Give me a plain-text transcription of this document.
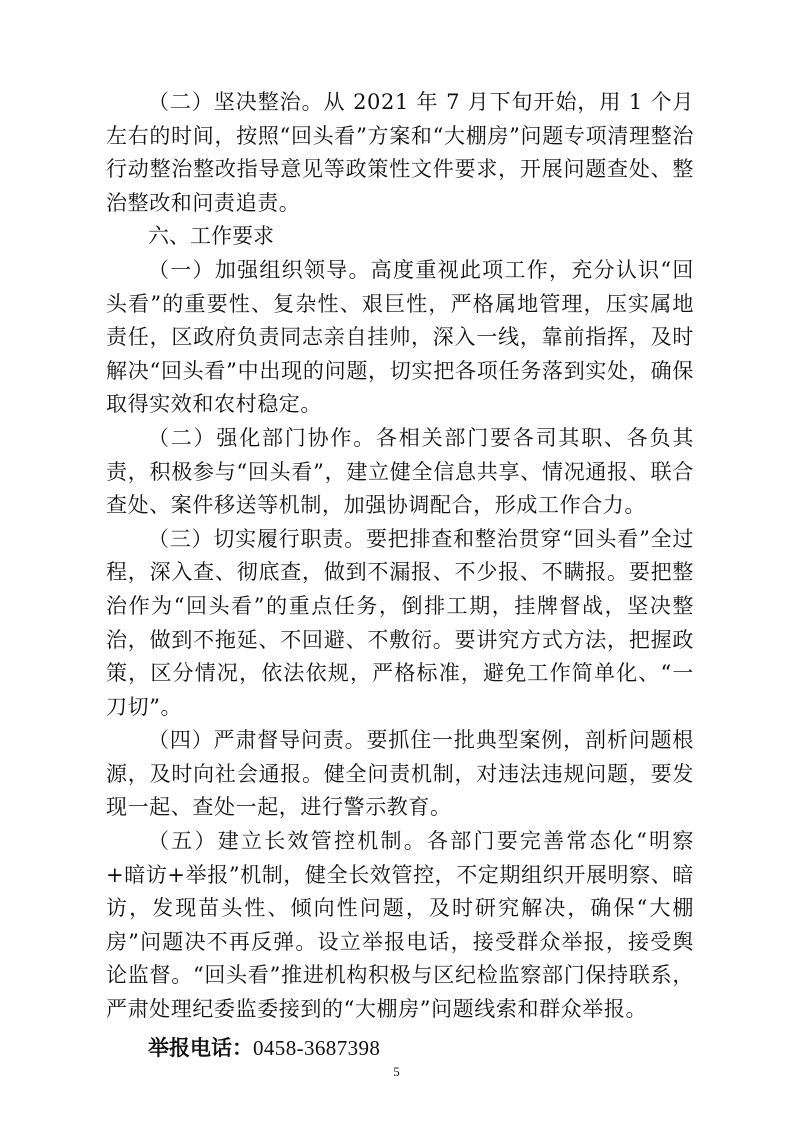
（二）坚决整治。从 2021 年 7 月下旬开始，用 1 个月左右的时间，按照“回头看”方案和“大棚房”问题专项清理整治行动整治整改指导意见等政策性文件要求，开展问题查处、整治整改和问责追责。

六、工作要求

（一）加强组织领导。高度重视此项工作，充分认识“回头看”的重要性、复杂性、艰巨性，严格属地管理，压实属地责任，区政府负责同志亲自挂帅，深入一线，靠前指挥，及时解决“回头看”中出现的问题，切实把各项任务落到实处，确保取得实效和农村稳定。

（二）强化部门协作。各相关部门要各司其职、各负其责，积极参与“回头看”，建立健全信息共享、情况通报、联合查处、案件移送等机制，加强协调配合，形成工作合力。

（三）切实履行职责。要把排查和整治贯穿“回头看”全过程，深入查、彻底查，做到不漏报、不少报、不瞒报。要把整治作为“回头看”的重点任务，倒排工期，挂牌督战，坚决整治，做到不拖延、不回避、不敷衍。要讲究方式方法，把握政策，区分情况，依法依规，严格标准，避免工作简单化、“一刀切”。

（四）严肃督导问责。要抓住一批典型案例，剖析问题根源，及时向社会通报。健全问责机制，对违法违规问题，要发现一起、查处一起，进行警示教育。

（五）建立长效管控机制。各部门要完善常态化“明察+暗访+举报”机制，健全长效管控，不定期组织开展明察、暗访，发现苗头性、倾向性问题，及时研究解决，确保“大棚房”问题决不再反弹。设立举报电话，接受群众举报，接受舆论监督。“回头看”推进机构积极与区纪检监察部门保持联系，严肃处理纪委监委接到的“大棚房”问题线索和群众举报。

举报电话：0458-3687398

5
